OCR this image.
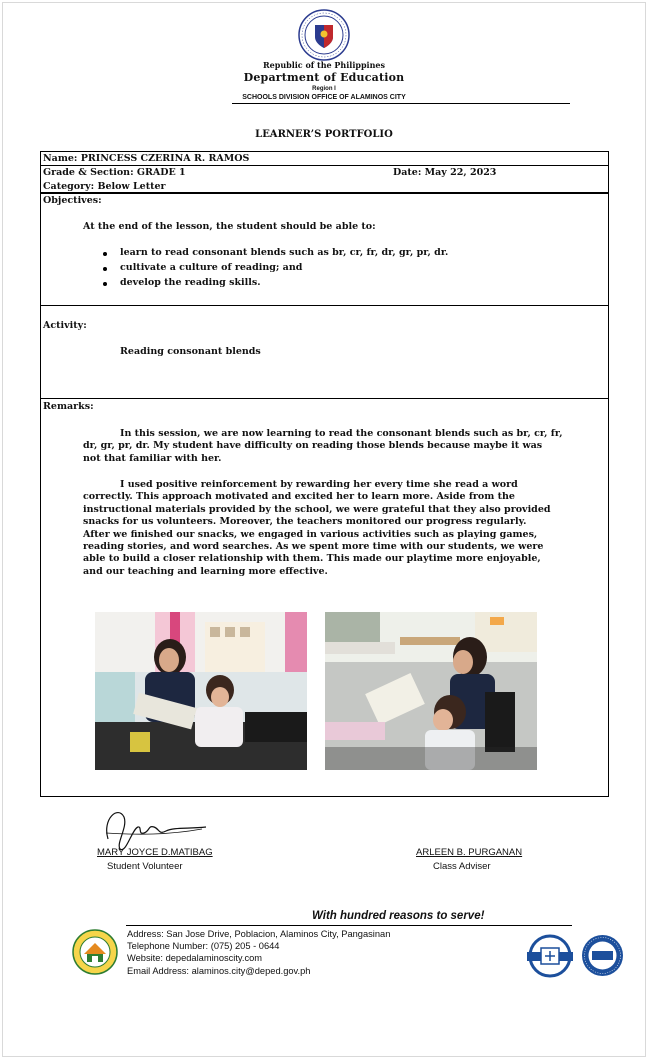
Republic of the Philippines
Department of Education
Region I
SCHOOLS DIVISION OFFICE OF ALAMINOS CITY
LEARNER’S PORTFOLIO
Name: PRINCESS CZERINA R. RAMOS
Grade & Section: GRADE 1	Date: May 22, 2023
Category: Below Letter
Objectives:
At the end of the lesson, the student should be able to:
learn to read consonant blends such as br, cr, fr, dr, gr, pr, dr.
cultivate a culture of reading; and
develop the reading skills.
Activity:
Reading consonant blends
Remarks:
In this session, we are now learning to read the consonant blends such as br, cr, fr,
dr, gr, pr, dr. My student have difficulty on reading those blends because maybe it was
not that familiar with her.
I used positive reinforcement by rewarding her every time she read a word
correctly. This approach motivated and excited her to learn more. Aside from the
instructional materials provided by the school, we were grateful that they also provided
snacks for us volunteers. Moreover, the teachers monitored our progress regularly.
After we finished our snacks, we engaged in various activities such as playing games,
reading stories, and word searches. As we spent more time with our students, we were
able to build a closer relationship with them. This made our playtime more enjoyable,
and our teaching and learning more effective.
MARY JOYCE D.MATIBAG
Student Volunteer
ARLEEN B. PURGANAN
Class Adviser
With hundred reasons to serve!
Address: San Jose Drive, Poblacion, Alaminos City, Pangasinan
Telephone Number: (075) 205 - 0644
Website: depedalaminoscity.com
Email Address: alaminos.city@deped.gov.ph
